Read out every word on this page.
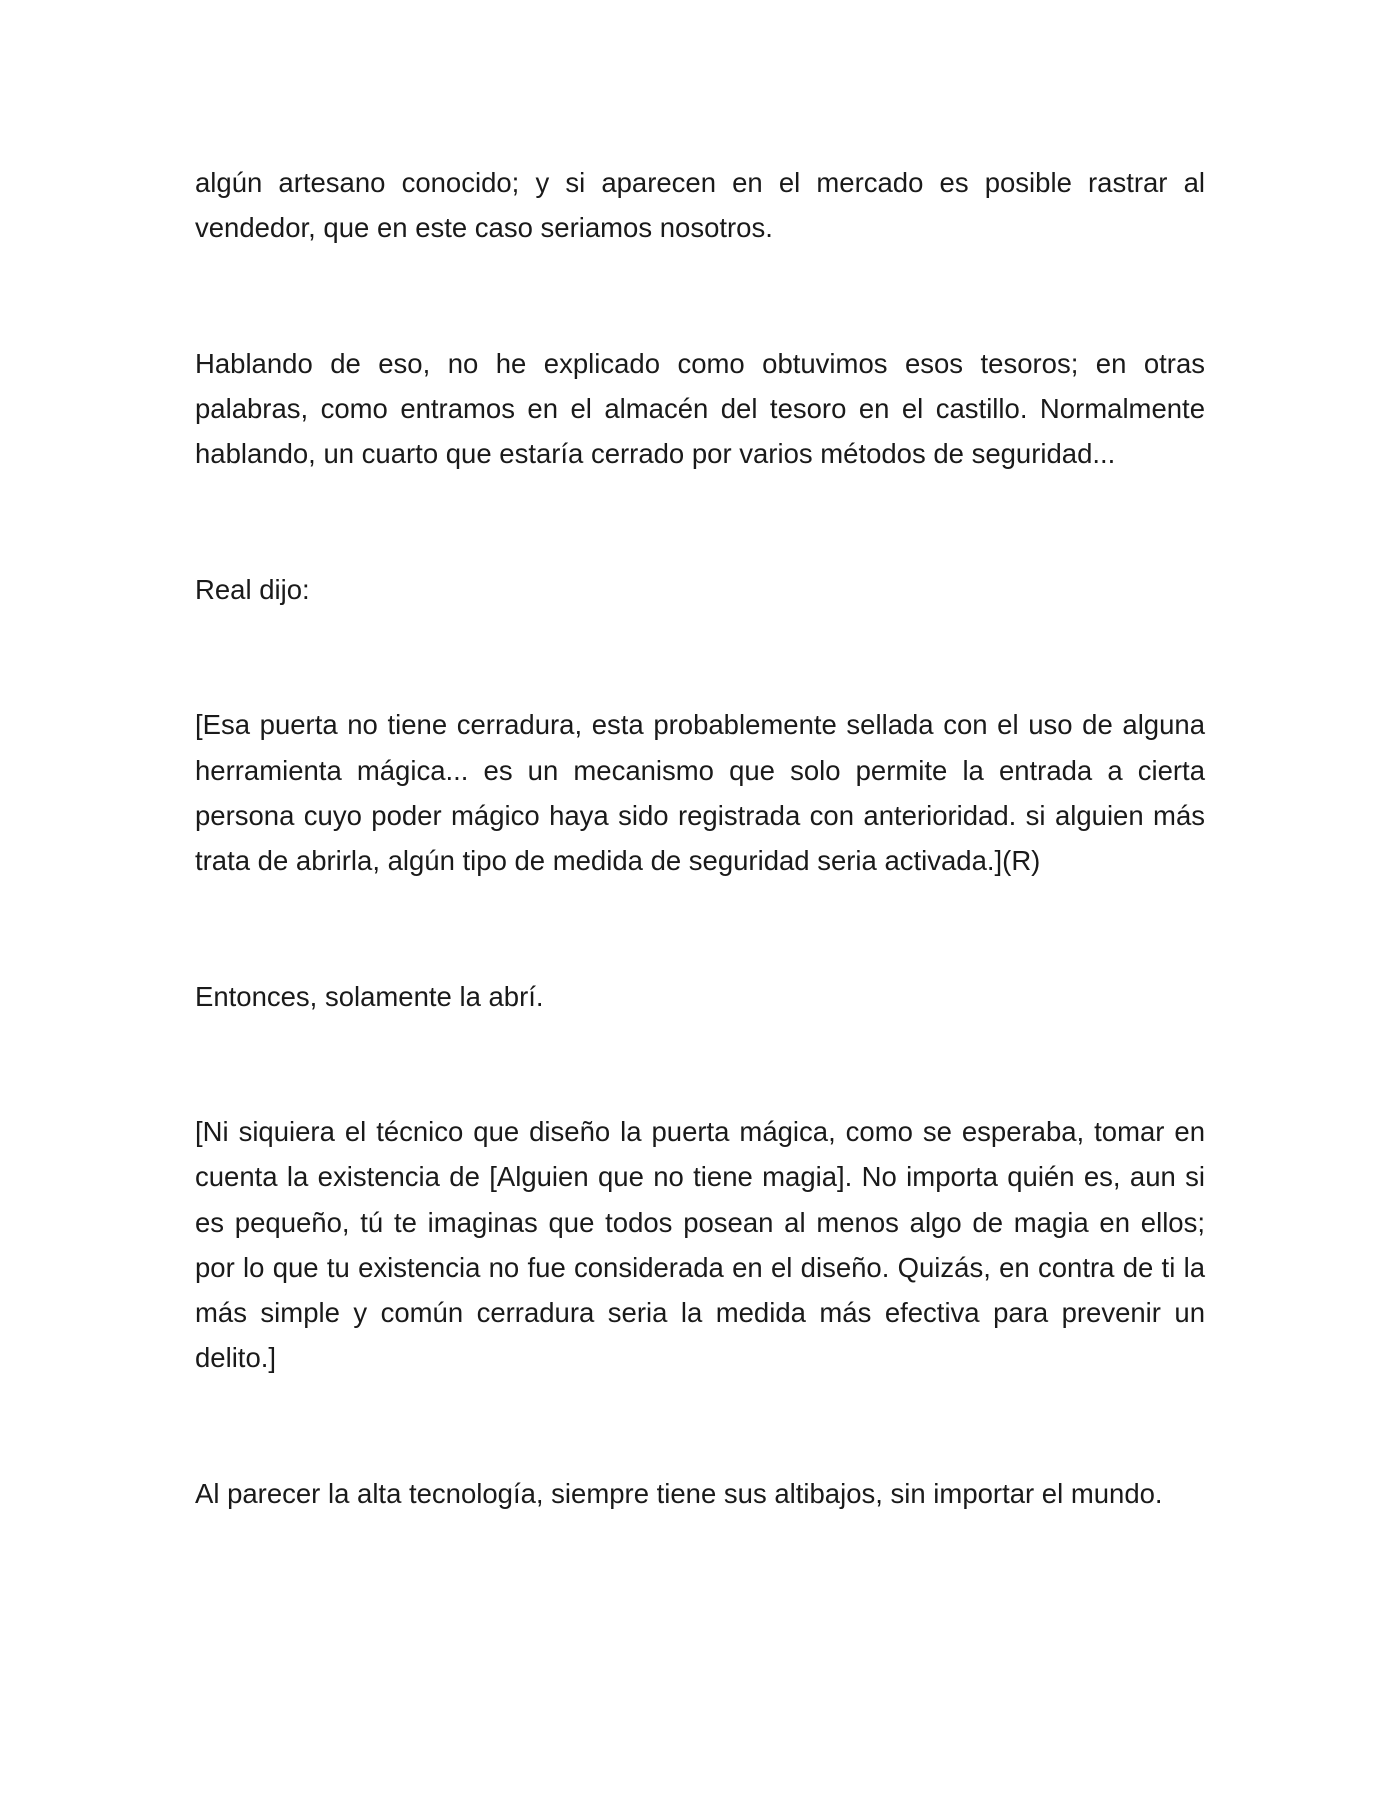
algún artesano conocido; y si aparecen en el mercado es posible rastrar al vendedor, que en este caso seriamos nosotros.

Hablando de eso, no he explicado como obtuvimos esos tesoros; en otras palabras, como entramos en el almacén del tesoro en el castillo. Normalmente hablando, un cuarto que estaría cerrado por varios métodos de seguridad...

Real dijo:

[Esa puerta no tiene cerradura, esta probablemente sellada con el uso de alguna herramienta mágica... es un mecanismo que solo permite la entrada a cierta persona cuyo poder mágico haya sido registrada con anterioridad. si alguien más trata de abrirla, algún tipo de medida de seguridad seria activada.](R)

Entonces, solamente la abrí.

[Ni siquiera el técnico que diseño la puerta mágica, como se esperaba, tomar en cuenta la existencia de [Alguien que no tiene magia]. No importa quién es, aun si es pequeño, tú te imaginas que todos posean al menos algo de magia en ellos; por lo que tu existencia no fue considerada en el diseño. Quizás, en contra de ti la más simple y común cerradura seria la medida más efectiva para prevenir un delito.]

Al parecer la alta tecnología, siempre tiene sus altibajos, sin importar el mundo.
